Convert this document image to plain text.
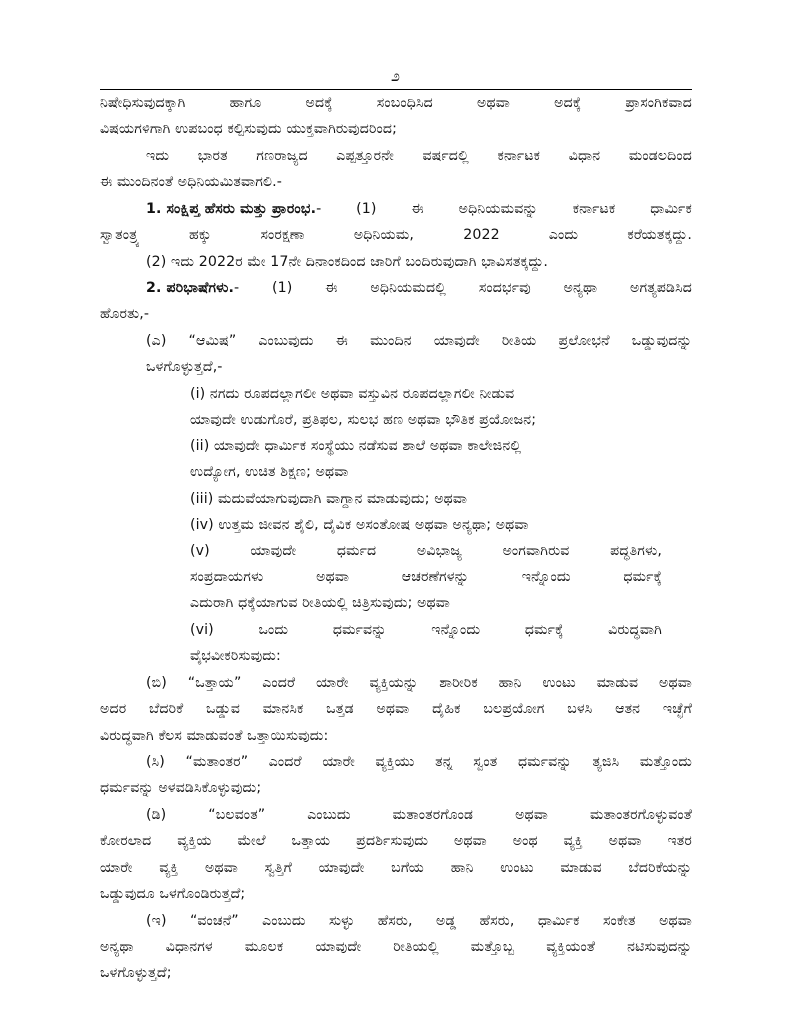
೨
ನಿಷೇಧಿಸುವುದಕ್ಕಾಗಿ ಹಾಗೂ ಅದಕ್ಕೆ ಸಂಬಂಧಿಸಿದ ಅಥವಾ ಅದಕ್ಕೆ ಪ್ರಾಸಂಗಿಕವಾದ
ವಿಷಯಗಳಿಗಾಗಿ ಉಪಬಂಧ ಕಲ್ಪಿಸುವುದು ಯುಕ್ತವಾಗಿರುವುದರಿಂದ;
ಇದು ಭಾರತ ಗಣರಾಜ್ಯದ ಎಪ್ಪತ್ತೂರನೇ ವರ್ಷದಲ್ಲಿ ಕರ್ನಾಟಕ ವಿಧಾನ ಮಂಡಲದಿಂದ
ಈ ಮುಂದಿನಂತೆ ಅಧಿನಿಯಮಿತವಾಗಲಿ.-
1. ಸಂಕ್ಷಿಪ್ತ ಹೆಸರು ಮತ್ತು ಪ್ರಾರಂಭ. - (1) ಈ ಅಧಿನಿಯಮವನ್ನು ಕರ್ನಾಟಕ ಧಾರ್ಮಿಕ
ಸ್ವಾತಂತ್ರ್ಯ ಹಕ್ಕು ಸಂರಕ್ಷಣಾ ಅಧಿನಿಯಮ, 2022 ಎಂದು ಕರೆಯತಕ್ಕದ್ದು.
(2) ಇದು 2022ರ ಮೇ 17ನೇ ದಿನಾಂಕದಿಂದ ಜಾರಿಗೆ ಬಂದಿರುವುದಾಗಿ ಭಾವಿಸತಕ್ಕದ್ದು.
2. ಪರಿಭಾಷೆಗಳು. - (1) ಈ ಅಧಿನಿಯಮದಲ್ಲಿ ಸಂದರ್ಭವು ಅನ್ಯಥಾ ಅಗತ್ಯಪಡಿಸಿದ
ಹೊರತು,-
(ಎ) “ಆಮಿಷ” ಎಂಬುವುದು ಈ ಮುಂದಿನ ಯಾವುದೇ ರೀತಿಯ ಪ್ರಲೋಭನೆ ಒಡ್ಡುವುದನ್ನು
ಒಳಗೊಳ್ಳುತ್ತದೆ,-
(i) ನಗದು ರೂಪದಲ್ಲಾಗಲೀ ಅಥವಾ ವಸ್ತುವಿನ ರೂಪದಲ್ಲಾಗಲೀ ನೀಡುವ
ಯಾವುದೇ ಉಡುಗೊರೆ, ಪ್ರತಿಫಲ, ಸುಲಭ ಹಣ ಅಥವಾ ಭೌತಿಕ ಪ್ರಯೋಜನ;
(ii) ಯಾವುದೇ ಧಾರ್ಮಿಕ ಸಂಸ್ಥೆಯು ನಡೆಸುವ ಶಾಲೆ ಅಥವಾ ಕಾಲೇಜಿನಲ್ಲಿ
ಉದ್ಯೋಗ, ಉಚಿತ ಶಿಕ್ಷಣ; ಅಥವಾ
(iii) ಮದುವೆಯಾಗುವುದಾಗಿ ವಾಗ್ದಾನ ಮಾಡುವುದು; ಅಥವಾ
(iv) ಉತ್ತಮ ಜೀವನ ಶೈಲಿ, ದೈವಿಕ ಅಸಂತೋಷ ಅಥವಾ ಅನ್ಯಥಾ; ಅಥವಾ
(v) ಯಾವುದೇ ಧರ್ಮದ ಅವಿಭಾಜ್ಯ ಅಂಗವಾಗಿರುವ ಪದ್ಧತಿಗಳು,
ಸಂಪ್ರದಾಯಗಳು ಅಥವಾ ಆಚರಣೆಗಳನ್ನು ಇನ್ನೊಂದು ಧರ್ಮಕ್ಕೆ
ಎದುರಾಗಿ ಧಕ್ಕೆಯಾಗುವ ರೀತಿಯಲ್ಲಿ ಚಿತ್ರಿಸುವುದು; ಅಥವಾ
(vi) ಒಂದು ಧರ್ಮವನ್ನು ಇನ್ನೊಂದು ಧರ್ಮಕ್ಕೆ ವಿರುದ್ಧವಾಗಿ
ವೈಭವೀಕರಿಸುವುದು:
(ಬಿ) “ಒತ್ತಾಯ” ಎಂದರೆ ಯಾರೇ ವ್ಯಕ್ತಿಯನ್ನು ಶಾರೀರಿಕ ಹಾನಿ ಉಂಟು ಮಾಡುವ ಅಥವಾ
ಅದರ ಬೆದರಿಕೆ ಒಡ್ಡುವ ಮಾನಸಿಕ ಒತ್ತಡ ಅಥವಾ ದೈಹಿಕ ಬಲಪ್ರಯೋಗ ಬಳಸಿ ಆತನ ಇಚ್ಛೆಗೆ
ವಿರುದ್ಧವಾಗಿ ಕೆಲಸ ಮಾಡುವಂತೆ ಒತ್ತಾಯಿಸುವುದು:
(ಸಿ) “ಮತಾಂತರ” ಎಂದರೆ ಯಾರೇ ವ್ಯಕ್ತಿಯು ತನ್ನ ಸ್ವಂತ ಧರ್ಮವನ್ನು ತ್ಯಜಿಸಿ ಮತ್ತೊಂದು
ಧರ್ಮವನ್ನು ಅಳವಡಿಸಿಕೊಳ್ಳುವುದು;
(ಡಿ) “ಬಲವಂತ” ಎಂಬುದು ಮತಾಂತರಗೊಂಡ ಅಥವಾ ಮತಾಂತರಗೊಳ್ಳುವಂತೆ
ಕೋರಲಾದ ವ್ಯಕ್ತಿಯ ಮೇಲೆ ಒತ್ತಾಯ ಪ್ರದರ್ಶಿಸುವುದು ಅಥವಾ ಅಂಥ ವ್ಯಕ್ತಿ ಅಥವಾ ಇತರ
ಯಾರೇ ವ್ಯಕ್ತಿ ಅಥವಾ ಸ್ವತ್ತಿಗೆ ಯಾವುದೇ ಬಗೆಯ ಹಾನಿ ಉಂಟು ಮಾಡುವ ಬೆದರಿಕೆಯನ್ನು
ಒಡ್ಡುವುದೂ ಒಳಗೊಂಡಿರುತ್ತದೆ;
(ಇ) “ವಂಚನೆ” ಎಂಬುದು ಸುಳ್ಳು ಹೆಸರು, ಅಡ್ಡ ಹೆಸರು, ಧಾರ್ಮಿಕ ಸಂಕೇತ ಅಥವಾ
ಅನ್ಯಥಾ ವಿಧಾನಗಳ ಮೂಲಕ ಯಾವುದೇ ರೀತಿಯಲ್ಲಿ ಮತ್ತೊಬ್ಬ ವ್ಯಕ್ತಿಯಂತೆ ನಟಿಸುವುದನ್ನು
ಒಳಗೊಳ್ಳುತ್ತದೆ;
